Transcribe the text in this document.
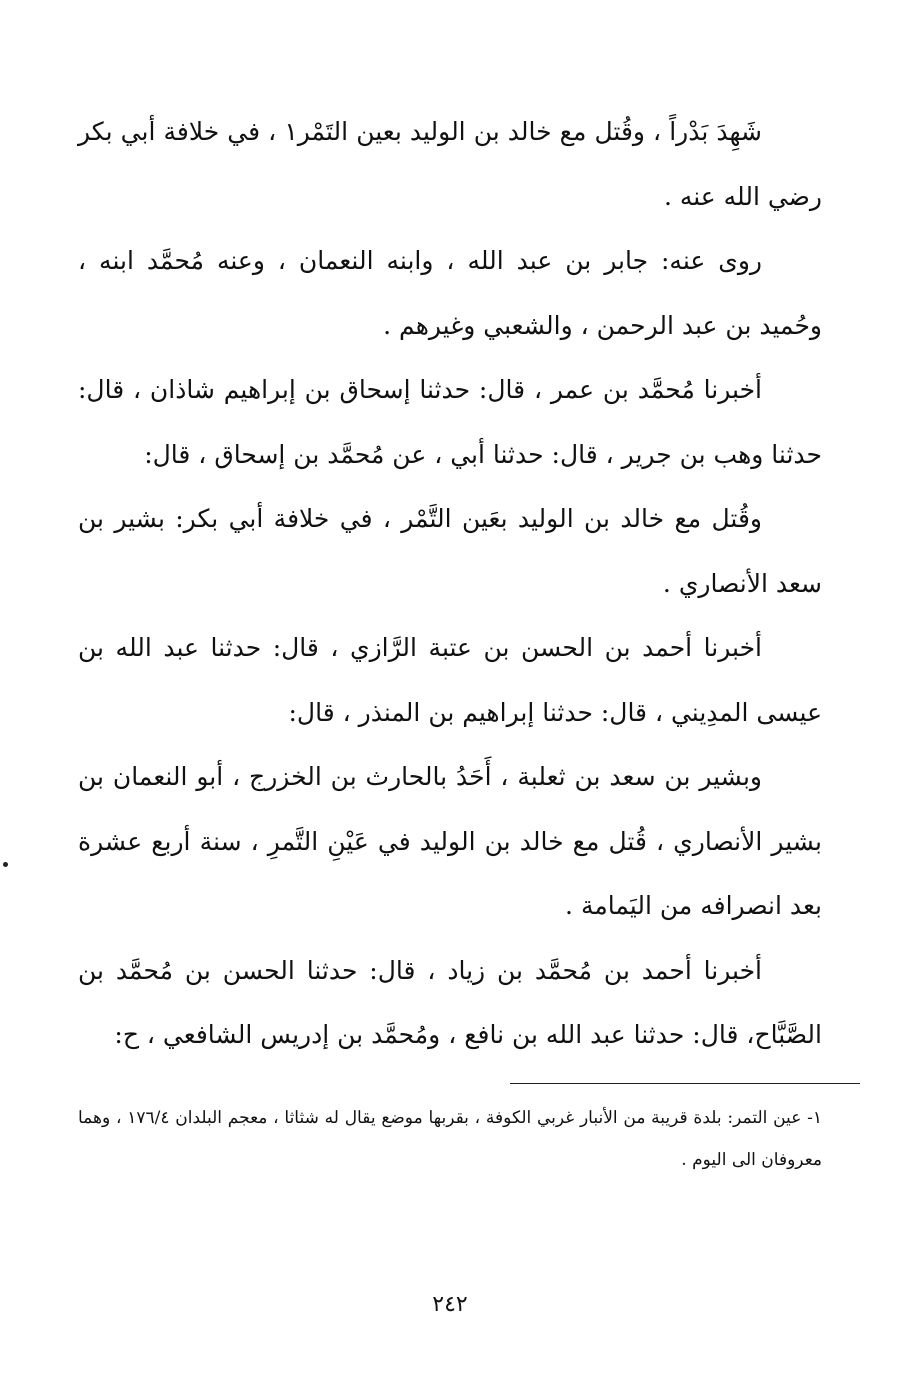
شَهِدَ بَدْراً ، وقُتل مع خالد بن الوليد بعين التَمْر١ ، في خلافة أبي بكر رضي الله عنه .

روى عنه: جابر بن عبد الله ، وابنه النعمان ، وعنه مُحمَّد ابنه ، وحُميد بن عبد الرحمن ، والشعبي وغيرهم .

أخبرنا مُحمَّد بن عمر ، قال: حدثنا إسحاق بن إبراهيم شاذان ، قال: حدثنا وهب بن جرير ، قال: حدثنا أبي ، عن مُحمَّد بن إسحاق ، قال:

وقُتل مع خالد بن الوليد بعَين التَّمْر ، في خلافة أبي بكر: بشير بن سعد الأنصاري .

أخبرنا أحمد بن الحسن بن عتبة الرَّازي ، قال: حدثنا عبد الله بن عيسى المدِيني ، قال: حدثنا إبراهيم بن المنذر ، قال:

وبشير بن سعد بن ثعلبة ، أَحَدُ بالحارث بن الخزرج ، أبو النعمان بن بشير الأنصاري ، قُتل مع خالد بن الوليد في عَيْنِ التَّمرِ ، سنة أربع عشرة بعد انصرافه من اليَمامة .

أخبرنا أحمد بن مُحمَّد بن زياد ، قال: حدثنا الحسن بن مُحمَّد بن الصَّبَّاح، قال: حدثنا عبد الله بن نافع ، ومُحمَّد بن إدريس الشافعي ، ح:

١- عين التمر: بلدة قريبة من الأنبار غربي الكوفة ، بقربها موضع يقال له شثاثا ، معجم البلدان ١٧٦/٤ ، وهما معروفان الى اليوم .

٢٤٢
